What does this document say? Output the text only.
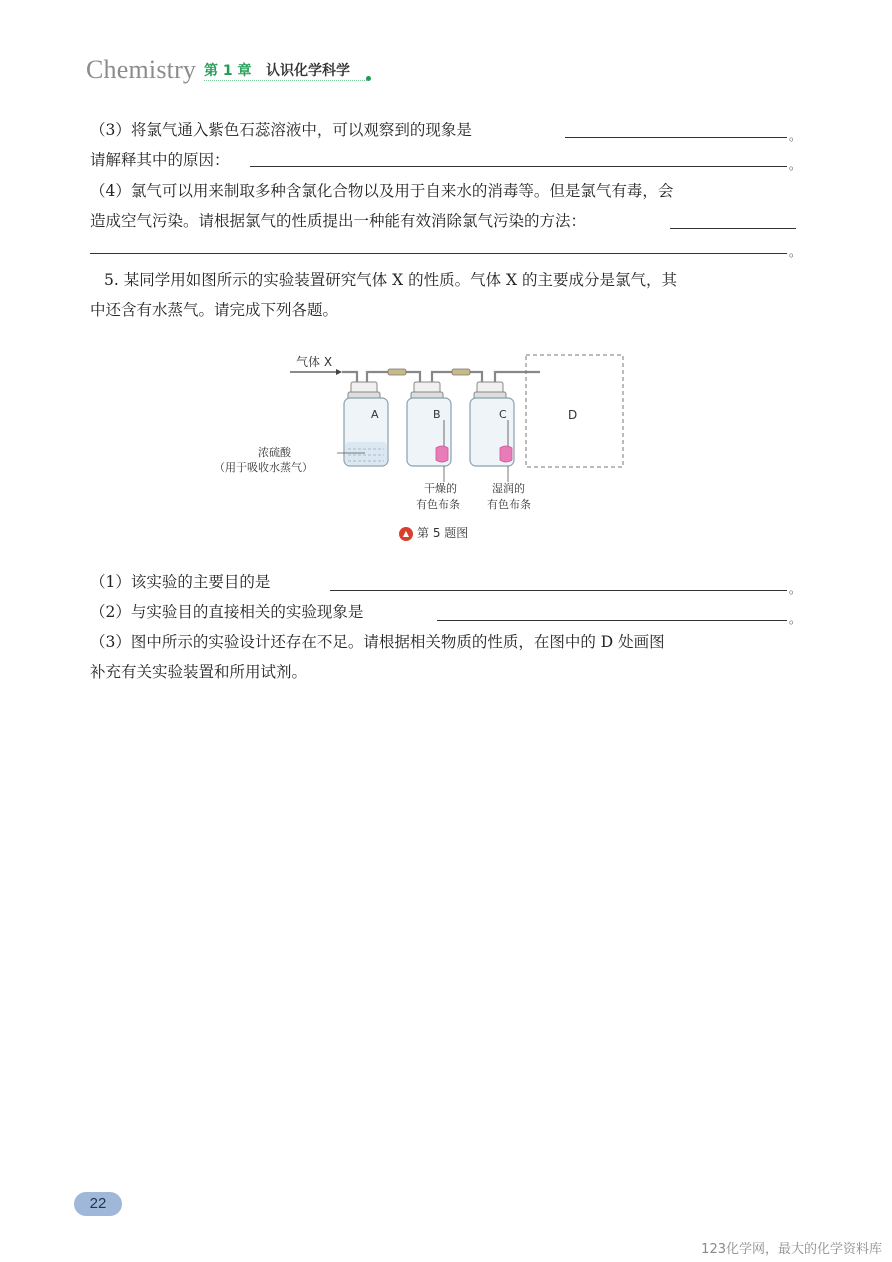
Chemistry 第 1 章 认识化学科学
（3）将氯气通入紫色石蕊溶液中，可以观察到的现象是	。
请解释其中的原因：	。
（4）氯气可以用来制取多种含氯化合物以及用于自来水的消毒等。但是氯气有毒，会
造成空气污染。请根据氯气的性质提出一种能有效消除氯气污染的方法：
。
5. 某同学用如图所示的实验装置研究气体 X 的性质。气体 X 的主要成分是氯气，其
中还含有水蒸气。请完成下列各题。
气体 X
A	B	C	D
浓硫酸
（用于吸收水蒸气）
干燥的
有色布条
湿润的
有色布条
▲ 第 5 题图
（1）该实验的主要目的是	。
（2）与实验目的直接相关的实验现象是	。
（3）图中所示的实验设计还存在不足。请根据相关物质的性质，在图中的 D 处画图
补充有关实验装置和所用试剂。
22
123化学网，最大的化学资料库
